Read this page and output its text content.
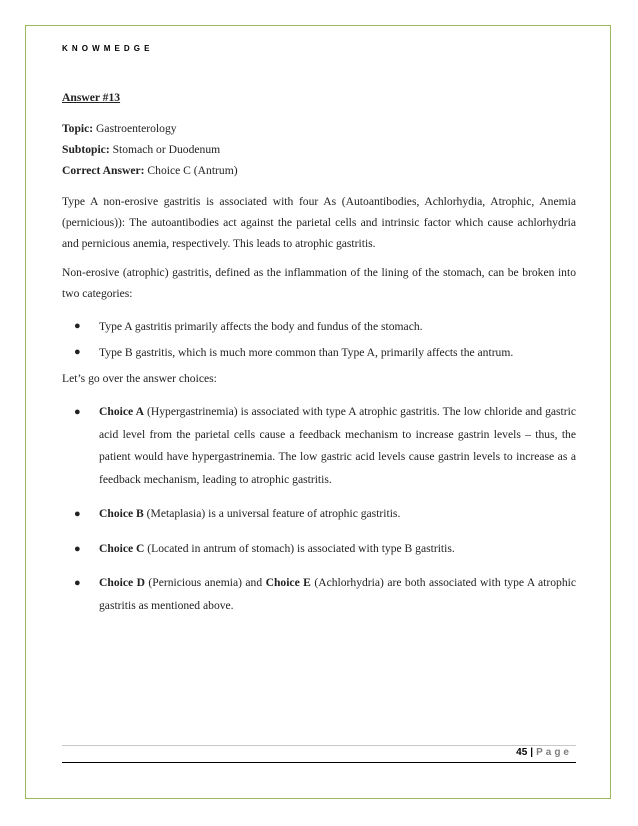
KNOWMEDGE

Answer #13

Topic: Gastroenterology

Subtopic: Stomach or Duodenum

Correct Answer: Choice C (Antrum)

Type A non-erosive gastritis is associated with four As (Autoantibodies, Achlorhydia, Atrophic, Anemia (pernicious)): The autoantibodies act against the parietal cells and intrinsic factor which cause achlorhydria and pernicious anemia, respectively. This leads to atrophic gastritis.

Non-erosive (atrophic) gastritis, defined as the inflammation of the lining of the stomach, can be broken into two categories:

● Type A gastritis primarily affects the body and fundus of the stomach.
● Type B gastritis, which is much more common than Type A, primarily affects the antrum.

Let’s go over the answer choices:

● Choice A (Hypergastrinemia) is associated with type A atrophic gastritis. The low chloride and gastric acid level from the parietal cells cause a feedback mechanism to increase gastrin levels – thus, the patient would have hypergastrinemia. The low gastric acid levels cause gastrin levels to increase as a feedback mechanism, leading to atrophic gastritis.
● Choice B (Metaplasia) is a universal feature of atrophic gastritis.
● Choice C (Located in antrum of stomach) is associated with type B gastritis.
● Choice D (Pernicious anemia) and Choice E (Achlorhydria) are both associated with type A atrophic gastritis as mentioned above.
45 | Page
